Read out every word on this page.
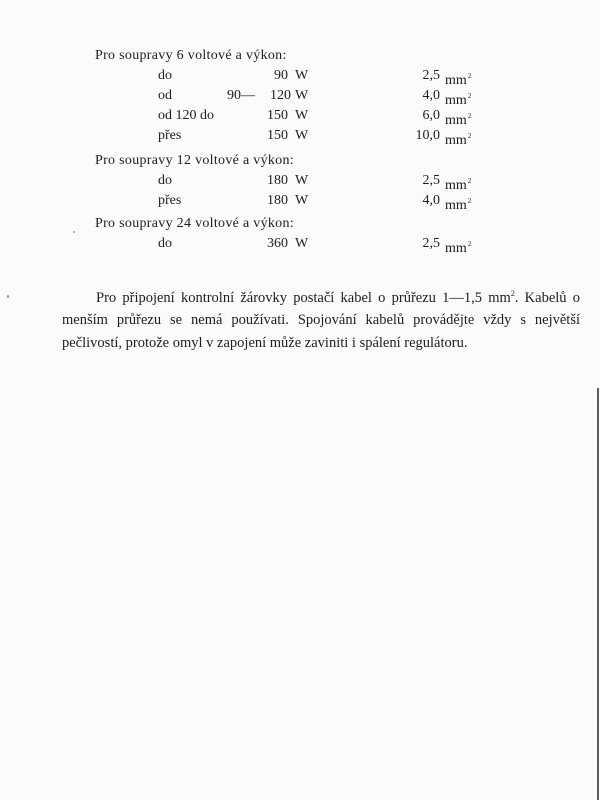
Pro soupravy 6 voltové a výkon:
do	90 W	2,5 $mm^2$
od	90 —	120 W	4,0 $mm^2$
od 120 do	150 W	6,0 $mm^2$
přes	150 W	10,0 $mm^2$
Pro soupravy 12 voltové a výkon:
do	180 W	2,5 $mm^2$
přes	180 W	4,0 $mm^2$
Pro soupravy 24 voltové a výkon:
do	360 W	2,5 $mm^2$

Pro připojení kontrolní žárovky postačí kabel o průřezu 1—1,5 $mm^2$. Kabelů o menším průřezu se nemá používati. Spojování kabelů provádějte vždy s největší pečlivostí, protože omyl v zapojení může zaviniti i spálení regulátoru.
